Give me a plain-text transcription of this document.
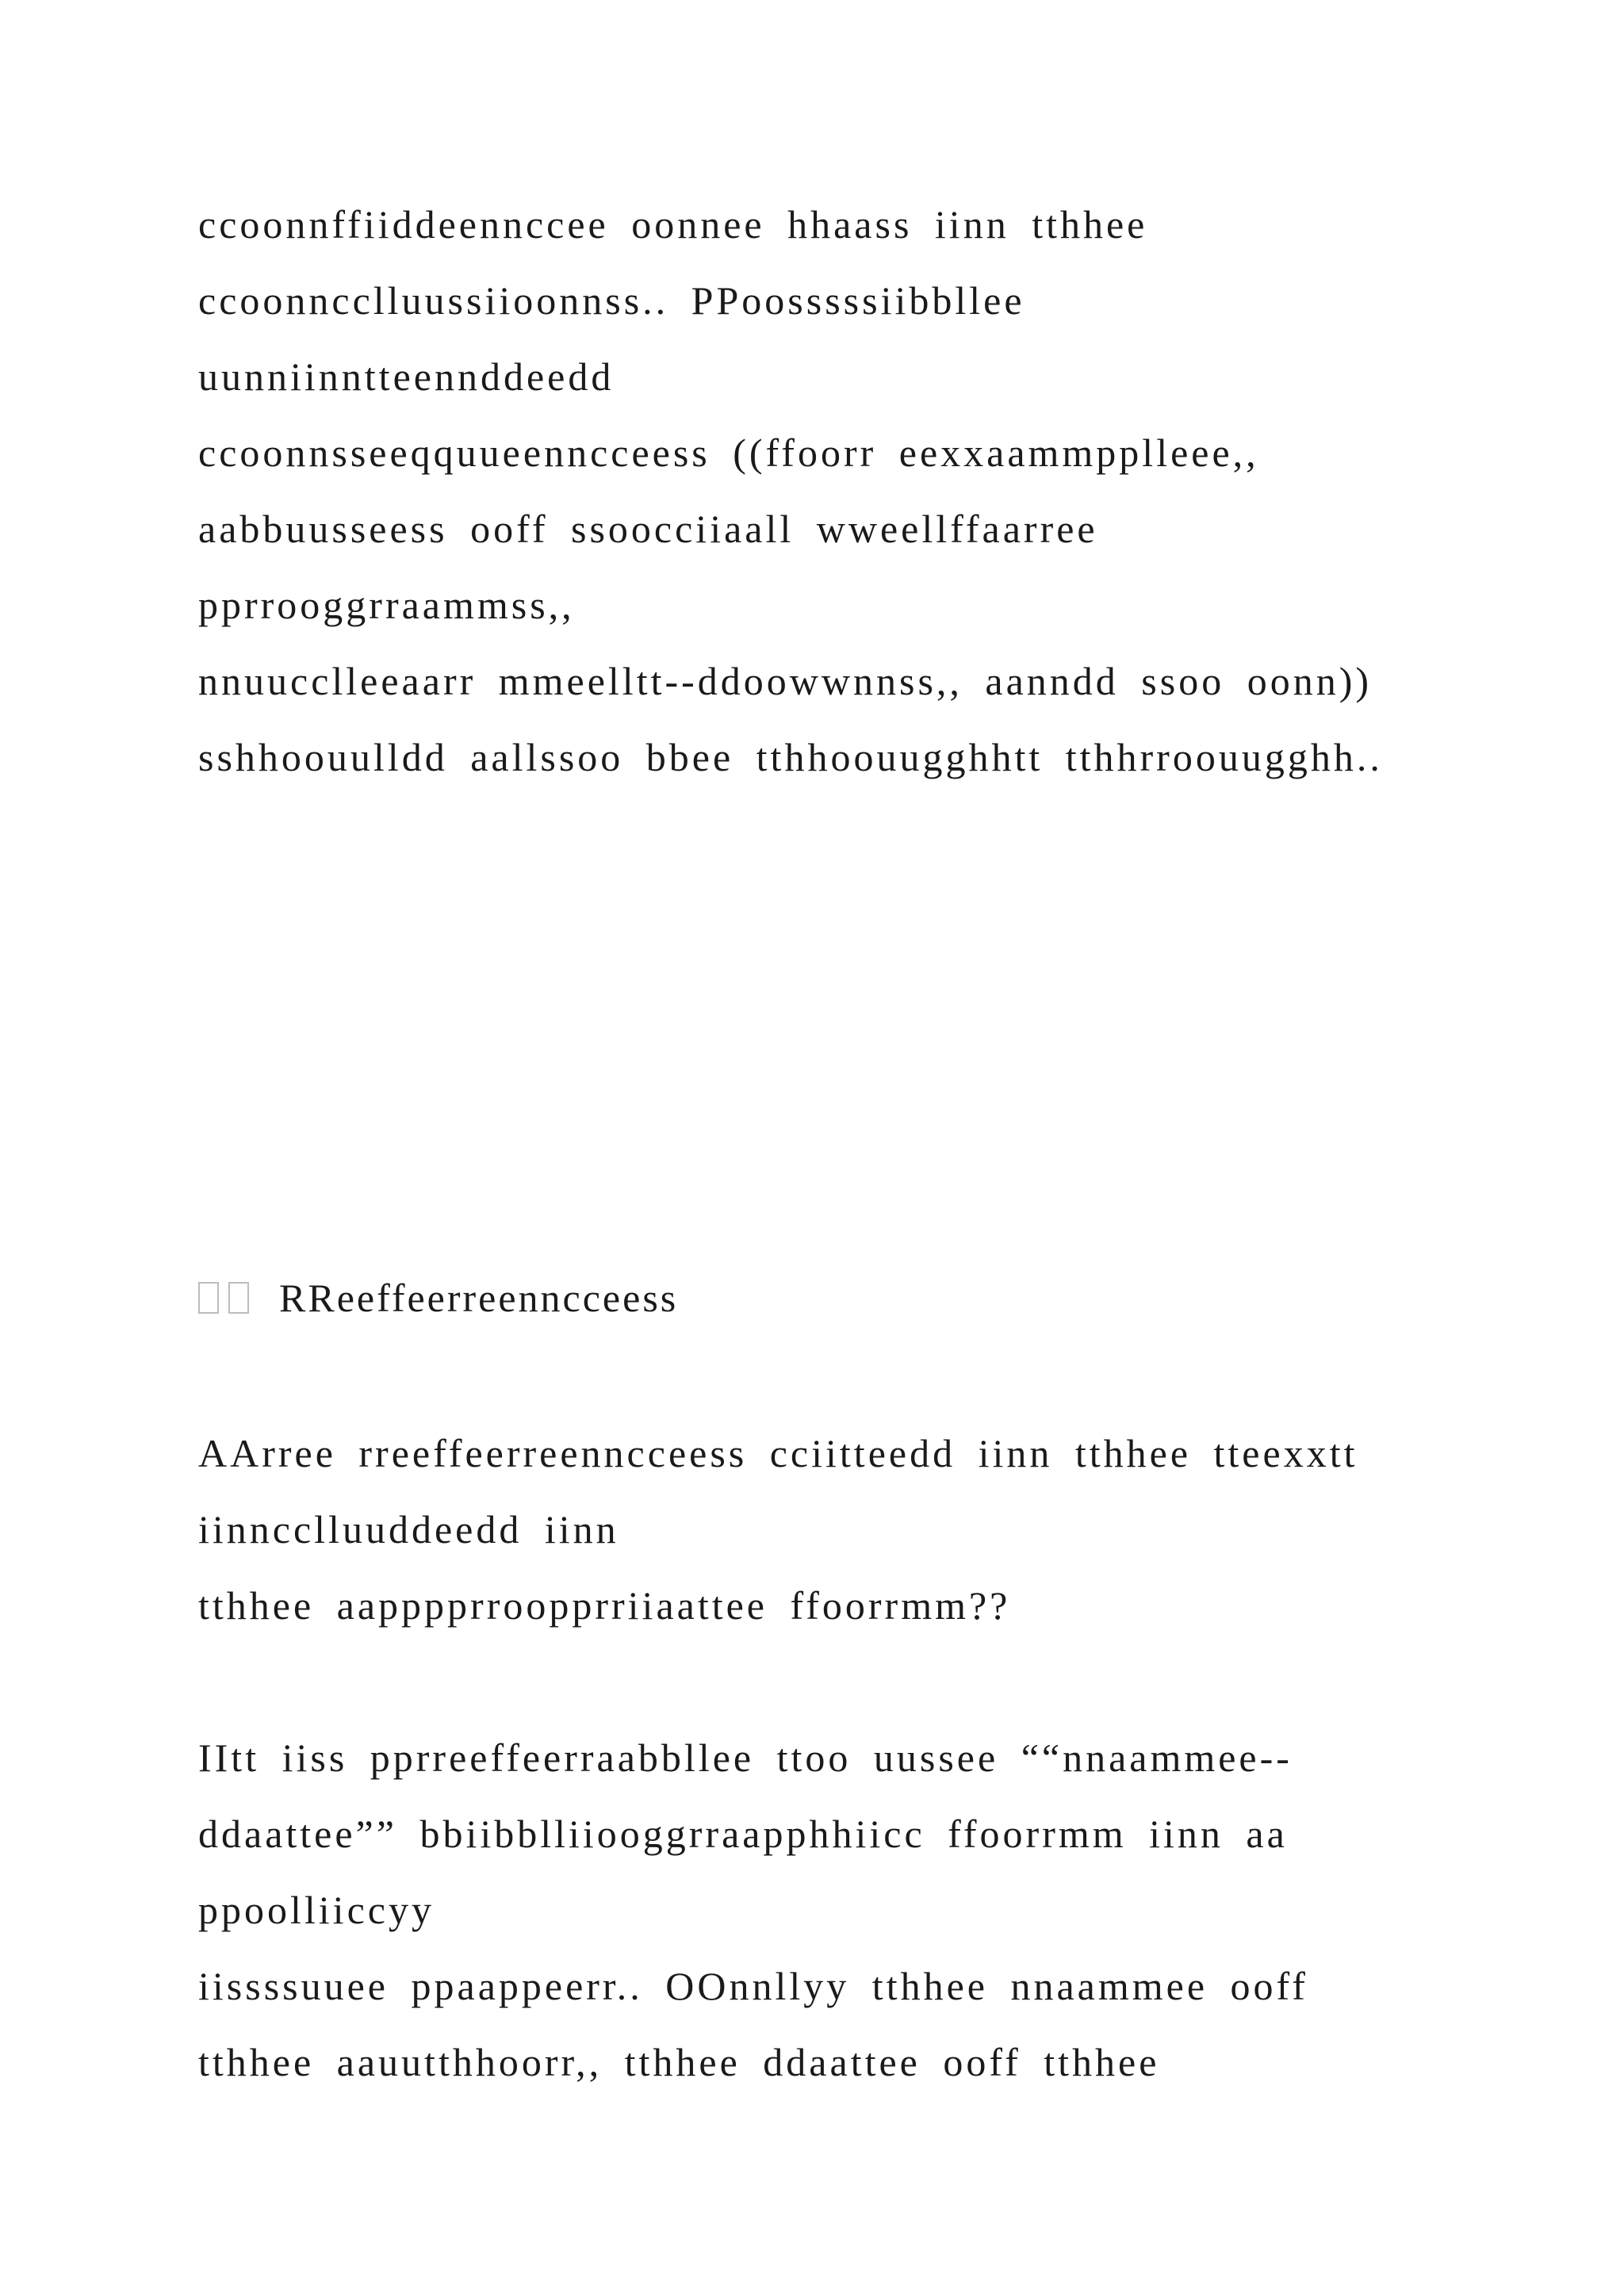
ccoonnffiiddeennccee oonnee hhaass iinn tthhee
ccoonncclluussiioonnss.. PPoosssssiibbllee
uunniinntteennddeedd
ccoonnsseeqquueenncceess ((ffoorr eexxaammpplleee,,
aabbuusseess ooff ssoocciiaall wweellffaarree
pprrooggrraammss,,
nnuucclleeaarr mmeelltt--ddoowwnnss,, aanndd ssoo oonn))
sshhoouulldd aallssoo bbee tthhoouugghhtt tthhrroouugghh..
RReeffeerreenncceess
AArree rreeffeerreenncceess cciitteedd iinn tthhee tteexxtt
iinncclluuddeedd iinn
tthhee aapppprroopprriiaattee ffoorrmm??
IItt iiss pprreeffeerraabbllee ttoo uussee ““nnaammee--
ddaattee”” bbiibblliiooggrraapphhiicc ffoorrmm iinn aa
ppoolliiccyy
iissssuuee ppaappeerr.. OOnnllyy tthhee nnaammee ooff
tthhee aauutthhoorr,, tthhee ddaattee ooff tthhee
